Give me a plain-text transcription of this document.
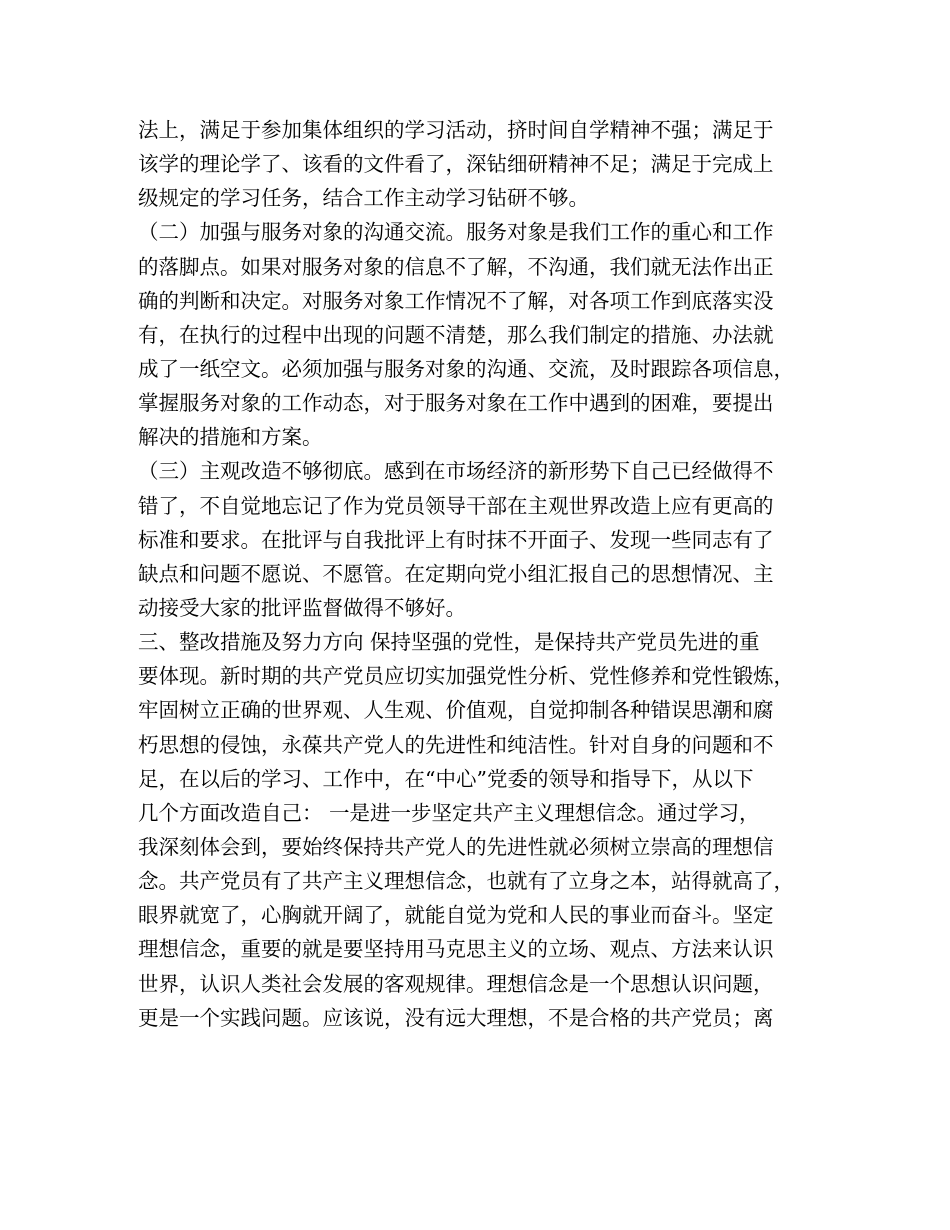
法上，满足于参加集体组织的学习活动，挤时间自学精神不强；满足于
该学的理论学了、该看的文件看了，深钻细研精神不足；满足于完成上
级规定的学习任务，结合工作主动学习钻研不够。
（二）加强与服务对象的沟通交流。服务对象是我们工作的重心和工作
的落脚点。如果对服务对象的信息不了解，不沟通，我们就无法作出正
确的判断和决定。对服务对象工作情况不了解，对各项工作到底落实没
有，在执行的过程中出现的问题不清楚，那么我们制定的措施、办法就
成了一纸空文。必须加强与服务对象的沟通、交流，及时跟踪各项信息，
掌握服务对象的工作动态，对于服务对象在工作中遇到的困难，要提出
解决的措施和方案。
（三）主观改造不够彻底。感到在市场经济的新形势下自己已经做得不
错了，不自觉地忘记了作为党员领导干部在主观世界改造上应有更高的
标准和要求。在批评与自我批评上有时抹不开面子、发现一些同志有了
缺点和问题不愿说、不愿管。在定期向党小组汇报自己的思想情况、主
动接受大家的批评监督做得不够好。
三、整改措施及努力方向 保持坚强的党性，是保持共产党员先进的重
要体现。新时期的共产党员应切实加强党性分析、党性修养和党性锻炼，
牢固树立正确的世界观、人生观、价值观，自觉抑制各种错误思潮和腐
朽思想的侵蚀，永葆共产党人的先进性和纯洁性。针对自身的问题和不
足，在以后的学习、工作中，在“中心”党委的领导和指导下，从以下
几个方面改造自己： 一是进一步坚定共产主义理想信念。通过学习，
我深刻体会到，要始终保持共产党人的先进性就必须树立崇高的理想信
念。共产党员有了共产主义理想信念，也就有了立身之本，站得就高了，
眼界就宽了，心胸就开阔了，就能自觉为党和人民的事业而奋斗。坚定
理想信念，重要的就是要坚持用马克思主义的立场、观点、方法来认识
世界，认识人类社会发展的客观规律。理想信念是一个思想认识问题，
更是一个实践问题。应该说，没有远大理想，不是合格的共产党员；离
